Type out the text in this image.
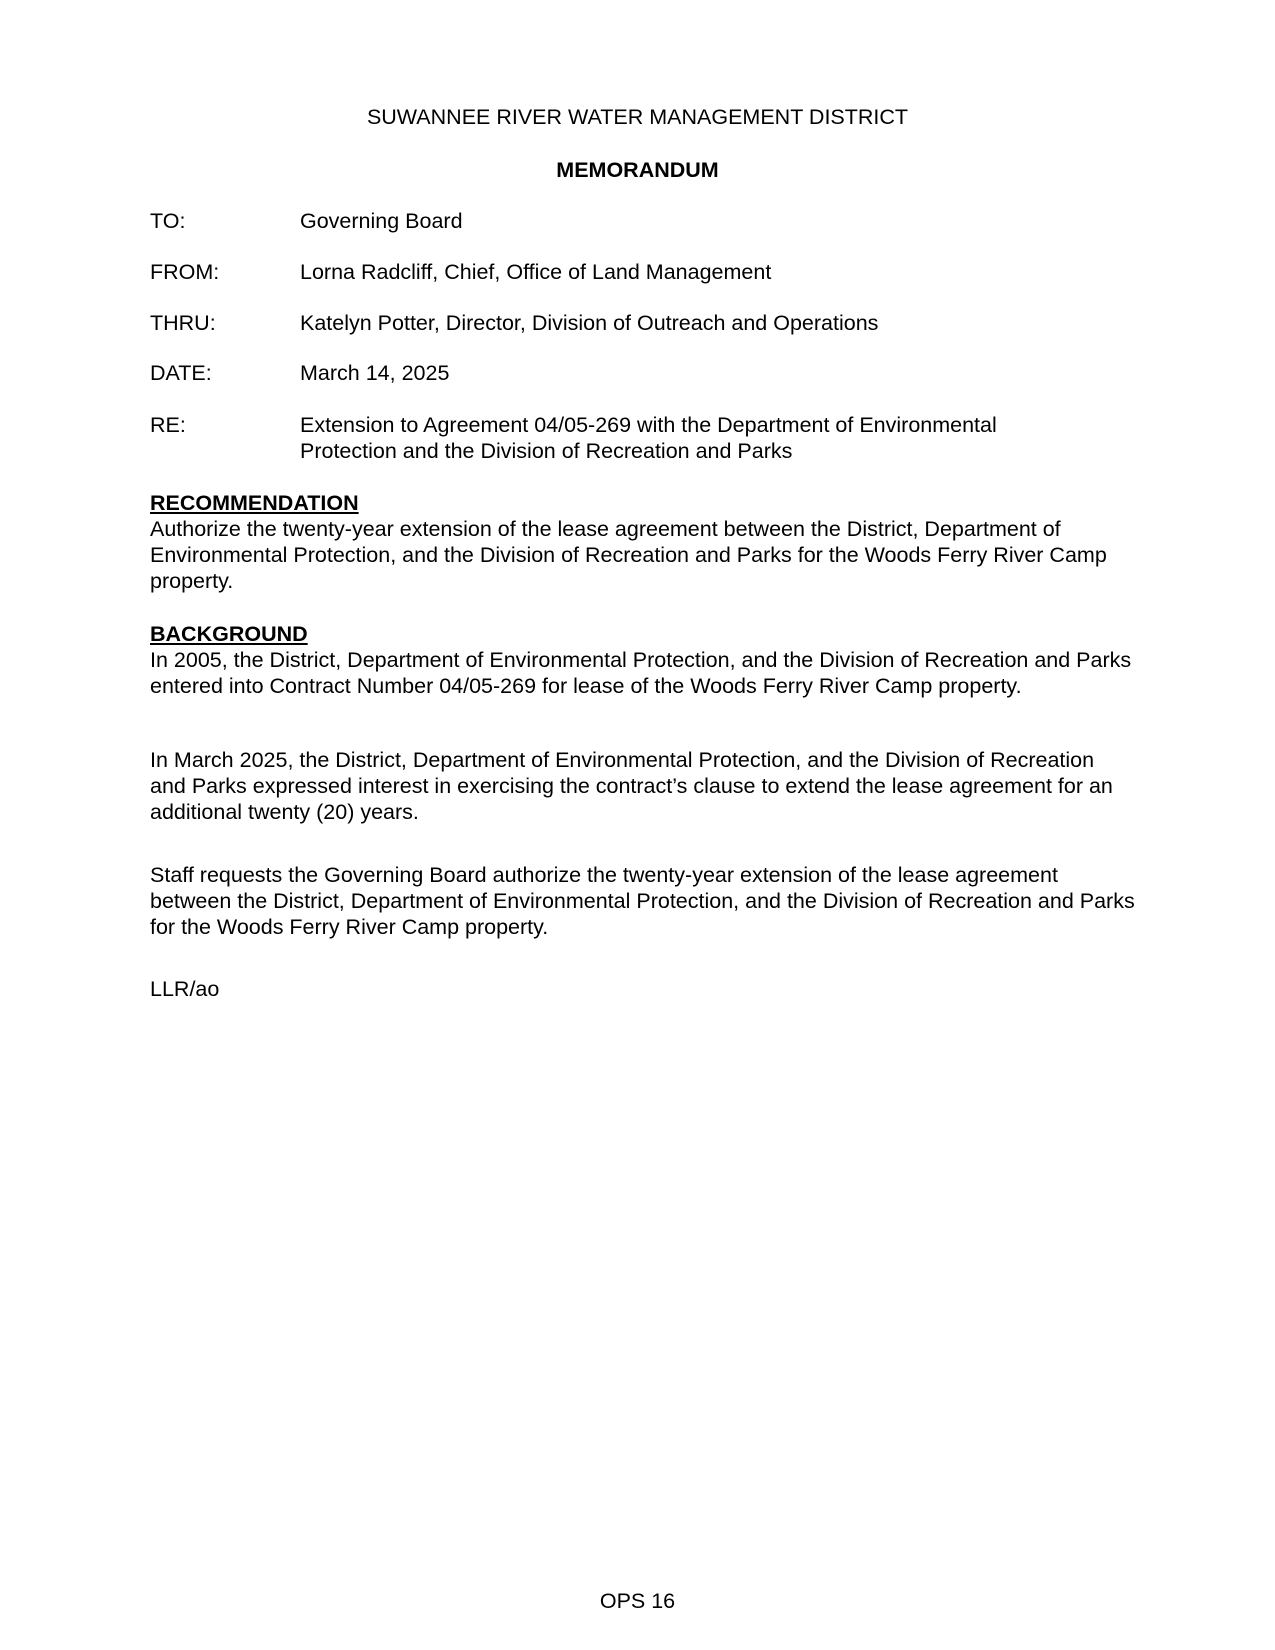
SUWANNEE RIVER WATER MANAGEMENT DISTRICT
MEMORANDUM
TO:	Governing Board
FROM:	Lorna Radcliff, Chief, Office of Land Management
THRU:	Katelyn Potter, Director, Division of Outreach and Operations
DATE:	March 14, 2025
RE:	Extension to Agreement 04/05-269 with the Department of Environmental Protection and the Division of Recreation and Parks
RECOMMENDATION
Authorize the twenty-year extension of the lease agreement between the District, Department of Environmental Protection, and the Division of Recreation and Parks for the Woods Ferry River Camp property.
BACKGROUND
In 2005, the District, Department of Environmental Protection, and the Division of Recreation and Parks entered into Contract Number 04/05-269 for lease of the Woods Ferry River Camp property.

In March 2025, the District, Department of Environmental Protection, and the Division of Recreation and Parks expressed interest in exercising the contract’s clause to extend the lease agreement for an additional twenty (20) years.

Staff requests the Governing Board authorize the twenty-year extension of the lease agreement between the District, Department of Environmental Protection, and the Division of Recreation and Parks for the Woods Ferry River Camp property.

LLR/ao
OPS 16
